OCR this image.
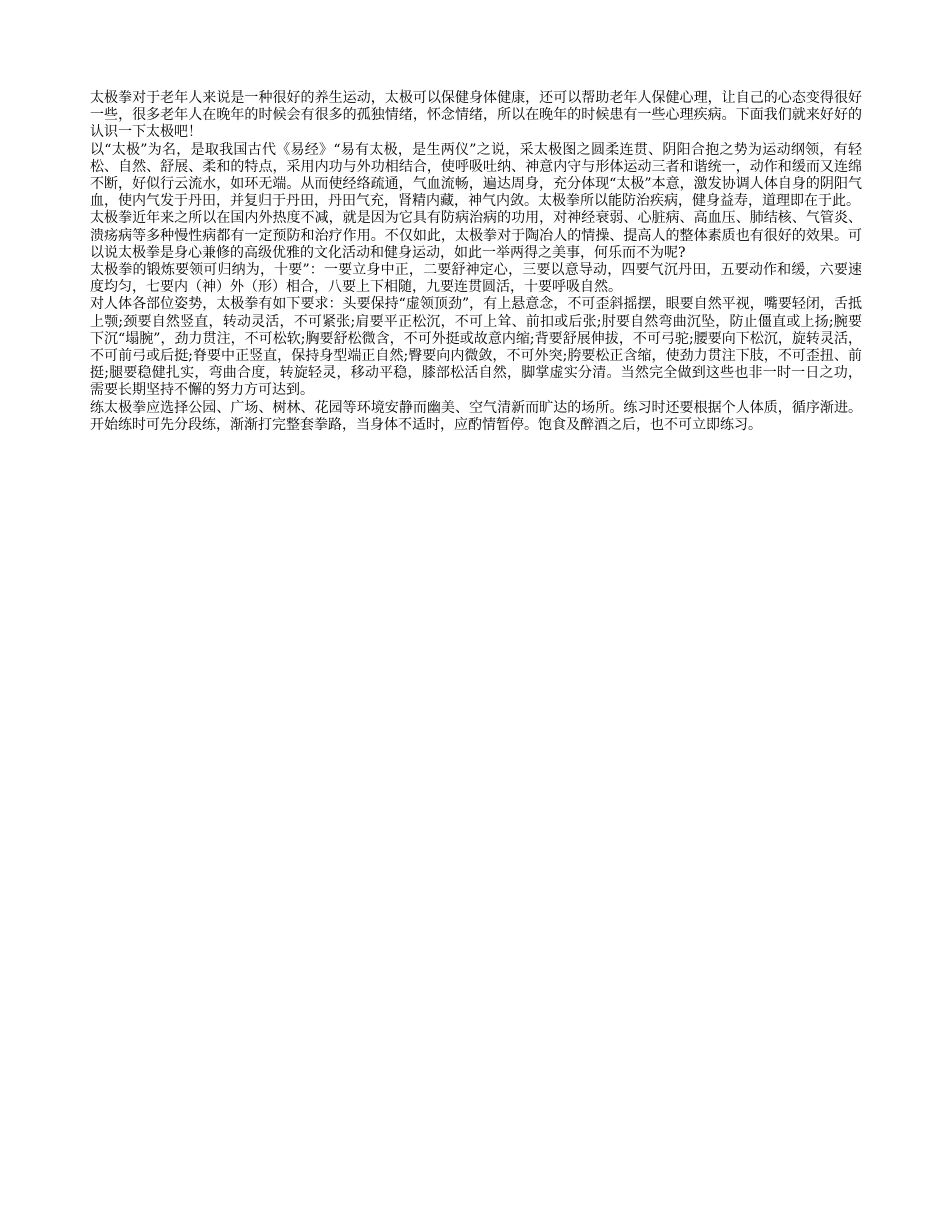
太极拳对于老年人来说是一种很好的养生运动，太极可以保健身体健康，还可以帮助老年人保健心理，让自己的心态变得很好一些，很多老年人在晚年的时候会有很多的孤独情绪，怀念情绪，所以在晚年的时候患有一些心理疾病。下面我们就来好好的认识一下太极吧！

以“太极”为名，是取我国古代《易经》“易有太极，是生两仪”之说，采太极图之圆柔连贯、阴阳合抱之势为运动纲领，有轻松、自然、舒展、柔和的特点，采用内功与外功相结合，使呼吸吐纳、神意内守与形体运动三者和谐统一，动作和缓而又连绵不断，好似行云流水，如环无端。从而使经络疏通，气血流畅，遍达周身，充分体现“太极”本意，激发协调人体自身的阴阳气血，使内气发于丹田，并复归于丹田，丹田气充，肾精内藏，神气内敛。太极拳所以能防治疾病，健身益寿，道理即在于此。

太极拳近年来之所以在国内外热度不减，就是因为它具有防病治病的功用，对神经衰弱、心脏病、高血压、肺结核、气管炎、溃疡病等多种慢性病都有一定预防和治疗作用。不仅如此，太极拳对于陶冶人的情操、提高人的整体素质也有很好的效果。可以说太极拳是身心兼修的高级优雅的文化活动和健身运动，如此一举两得之美事，何乐而不为呢?

太极拳的锻炼要领可归纳为，十要”：一要立身中正，二要舒神定心，三要以意导动，四要气沉丹田，五要动作和缓，六要速度均匀，七要内（神）外（形）相合，八要上下相随，九要连贯圆活，十要呼吸自然。

对人体各部位姿势，太极拳有如下要求：头要保持“虚领顶劲”，有上悬意念，不可歪斜摇摆，眼要自然平视，嘴要轻闭，舌抵上颚;颈要自然竖直，转动灵活，不可紧张;肩要平正松沉，不可上耸、前扣或后张;肘要自然弯曲沉坠，防止僵直或上扬;腕要下沉“塌腕”，劲力贯注，不可松软;胸要舒松微含，不可外挺或故意内缩;背要舒展伸拔，不可弓驼;腰要向下松沉，旋转灵活，不可前弓或后挺;脊要中正竖直，保持身型端正自然;臀要向内微敛，不可外突;胯要松正含缩，使劲力贯注下肢，不可歪扭、前挺;腿要稳健扎实，弯曲合度，转旋轻灵，移动平稳，膝部松活自然，脚掌虚实分清。当然完全做到这些也非一时一日之功，需要长期坚持不懈的努力方可达到。

练太极拳应选择公园、广场、树林、花园等环境安静而幽美、空气清新而旷达的场所。练习时还要根据个人体质，循序渐进。开始练时可先分段练，渐渐打完整套拳路，当身体不适时，应酌情暂停。饱食及醉酒之后，也不可立即练习。
